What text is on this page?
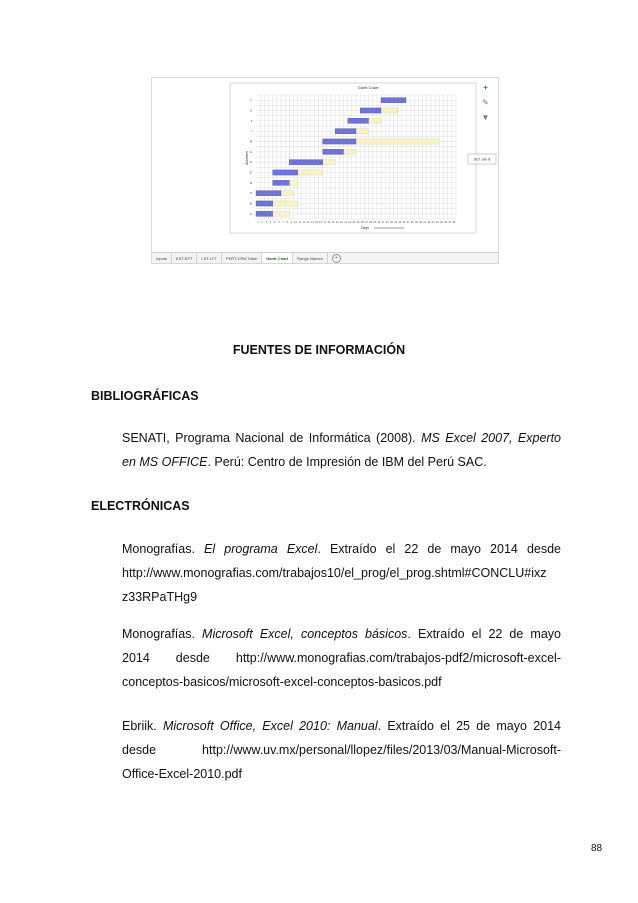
Gantt Chart
Activities
Days
SET Jan 8
1 2 3 4 5 6 7 8 9 10 11 12 13 14 15 16 17 18 19 20 21 22 23 24 25 26 27 28 29 30 31 32 33 34 35 36 37 38 39 40 41 42 43 44 45 46 47 48
A
B
C
D
E
F
G
H
I
J
K
L
+
✎
▼
Inputs	EST-EFT	LST-LFT	PERT-CPM Table	Gantt Chart	Range Names	+
FUENTES DE INFORMACIÓN
BIBLIOGRÁFICAS

SENATI, Programa Nacional de Informática (2008). MS Excel 2007, Experto

en MS OFFICE. Perú: Centro de Impresión de IBM del Perú SAC.

ELECTRÓNICAS

Monografías. El programa Excel. Extraído el 22 de mayo 2014 desde

http://www.monografias.com/trabajos10/el_prog/el_prog.shtml#CONCLU#ixz

z33RPaTHg9

Monografías. Microsoft Excel, conceptos básicos. Extraído el 22 de mayo

2014 desde http://www.monografias.com/trabajos-pdf2/microsoft-excel-

conceptos-basicos/microsoft-excel-conceptos-basicos.pdf

Ebriik. Microsoft Office, Excel 2010: Manual. Extraído el 25 de mayo 2014

desde http://www.uv.mx/personal/llopez/files/2013/03/Manual-Microsoft-

Office-Excel-2010.pdf

88
